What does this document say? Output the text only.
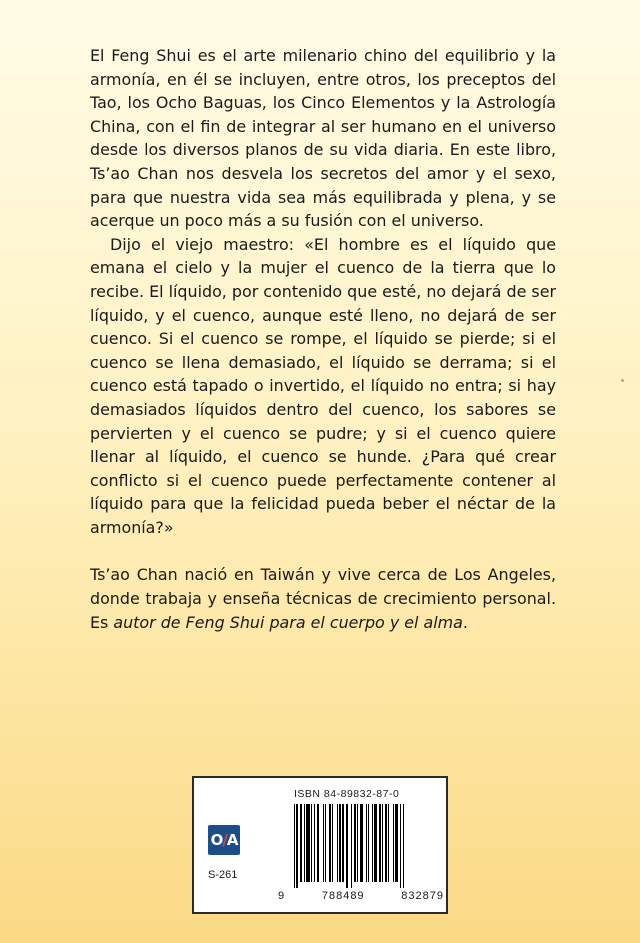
El Feng Shui es el arte milenario chino del equilibrio y la armonía, en él se incluyen, entre otros, los preceptos del Tao, los Ocho Baguas, los Cinco Elementos y la Astrología China, con el fin de integrar al ser humano en el universo desde los diversos planos de su vida diaria. En este libro, Ts’ao Chan nos desvela los secretos del amor y el sexo, para que nuestra vida sea más equilibrada y plena, y se acerque un poco más a su fusión con el universo.

Dijo el viejo maestro: «El hombre es el líquido que emana el cielo y la mujer el cuenco de la tierra que lo recibe. El líquido, por contenido que esté, no dejará de ser líquido, y el cuenco, aunque esté lleno, no dejará de ser cuenco. Si el cuenco se rompe, el líquido se pierde; si el cuenco se llena demasiado, el líquido se derrama; si el cuenco está tapado o invertido, el líquido no entra; si hay demasiados líquidos dentro del cuenco, los sabores se pervierten y el cuenco se pudre; y si el cuenco quiere llenar al líquido, el cuenco se hunde. ¿Para qué crear conflicto si el cuenco puede perfectamente contener al líquido para que la felicidad pueda beber el néctar de la armonía?»

Ts’ao Chan nació en Taiwán y vive cerca de Los Angeles, donde trabaja y enseña técnicas de crecimiento personal. Es autor de Feng Shui para el cuerpo y el alma.

O/A
S-261
ISBN 84-89832-87-0
9	788489	832879
